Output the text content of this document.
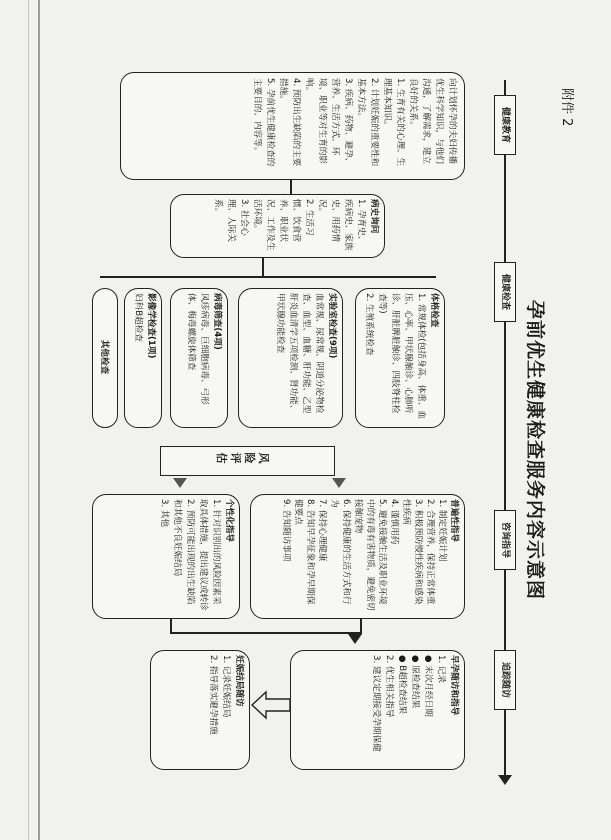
附件 2
孕前优生健康检查服务内容示意图
健康教育
健康检查
咨询指导
追踪随访
向计划怀孕的夫妇传播优生科学知识，与他们沟通，了解需求，建立良好的关系。
1. 生育有关的心理、生理基本知识。
2. 计划妊娠的重要性和基本方法。
3. 疾病、药物、避孕、营养、生活方式、环境、职业等对生育的影响。
4. 预防出生缺陷的主要措施。
5. 孕前优生健康检查的主要目的、内容等。
病史询问
1. 孕育史、疾病史、家族史、用药情况。
2. 生活习惯、饮食营养、职业状况、工作及生活环境。
3. 社会心理、人际关系。
体格检查
1. 常规体检(包括身高、体重、血压、心率、甲状腺触诊、心肺听诊、肝脏脾脏触诊、四肢脊柱检查等)
2. 生殖系统检查
实验室检查(9项)
血常规、尿常规、阴道分泌物检查、血型、血糖、肝功能、乙型肝炎血清学五项检测、肾功能、甲状腺功能检查
病毒筛查(4项)
风疹病毒、巨细胞病毒、弓形体、梅毒螺旋体筛查
影像学检查(1项)
妇科B超检查
其他检查
风险评估
普遍性指导
1. 制定妊娠计划
2. 合理营养，保持正常体重
3. 积极预防慢性疾病和感染性疾病
4. 谨慎用药
5. 避免接触生活及职业环境中的有毒有害物质，避免密切接触宠物
6. 保持健康的生活方式和行为
7. 保持心理健康
8. 告知早孕征象和孕早期保健要点
9. 告知随访事项
个性化指导
1. 针对识别出的风险因素采取具体措施，提出建议或转诊
2. 预防可能出现的出生缺陷和其他不良妊娠结局
3. 其他
早孕随访和指导
1. 记录
● 末次月经日期
● 原检查结果
● B超检查结果
2. 优生相关指导
3. 建议定期接受孕期保健
妊娠结局随访
1. 记录妊娠结局
2. 指导落实避孕措施
